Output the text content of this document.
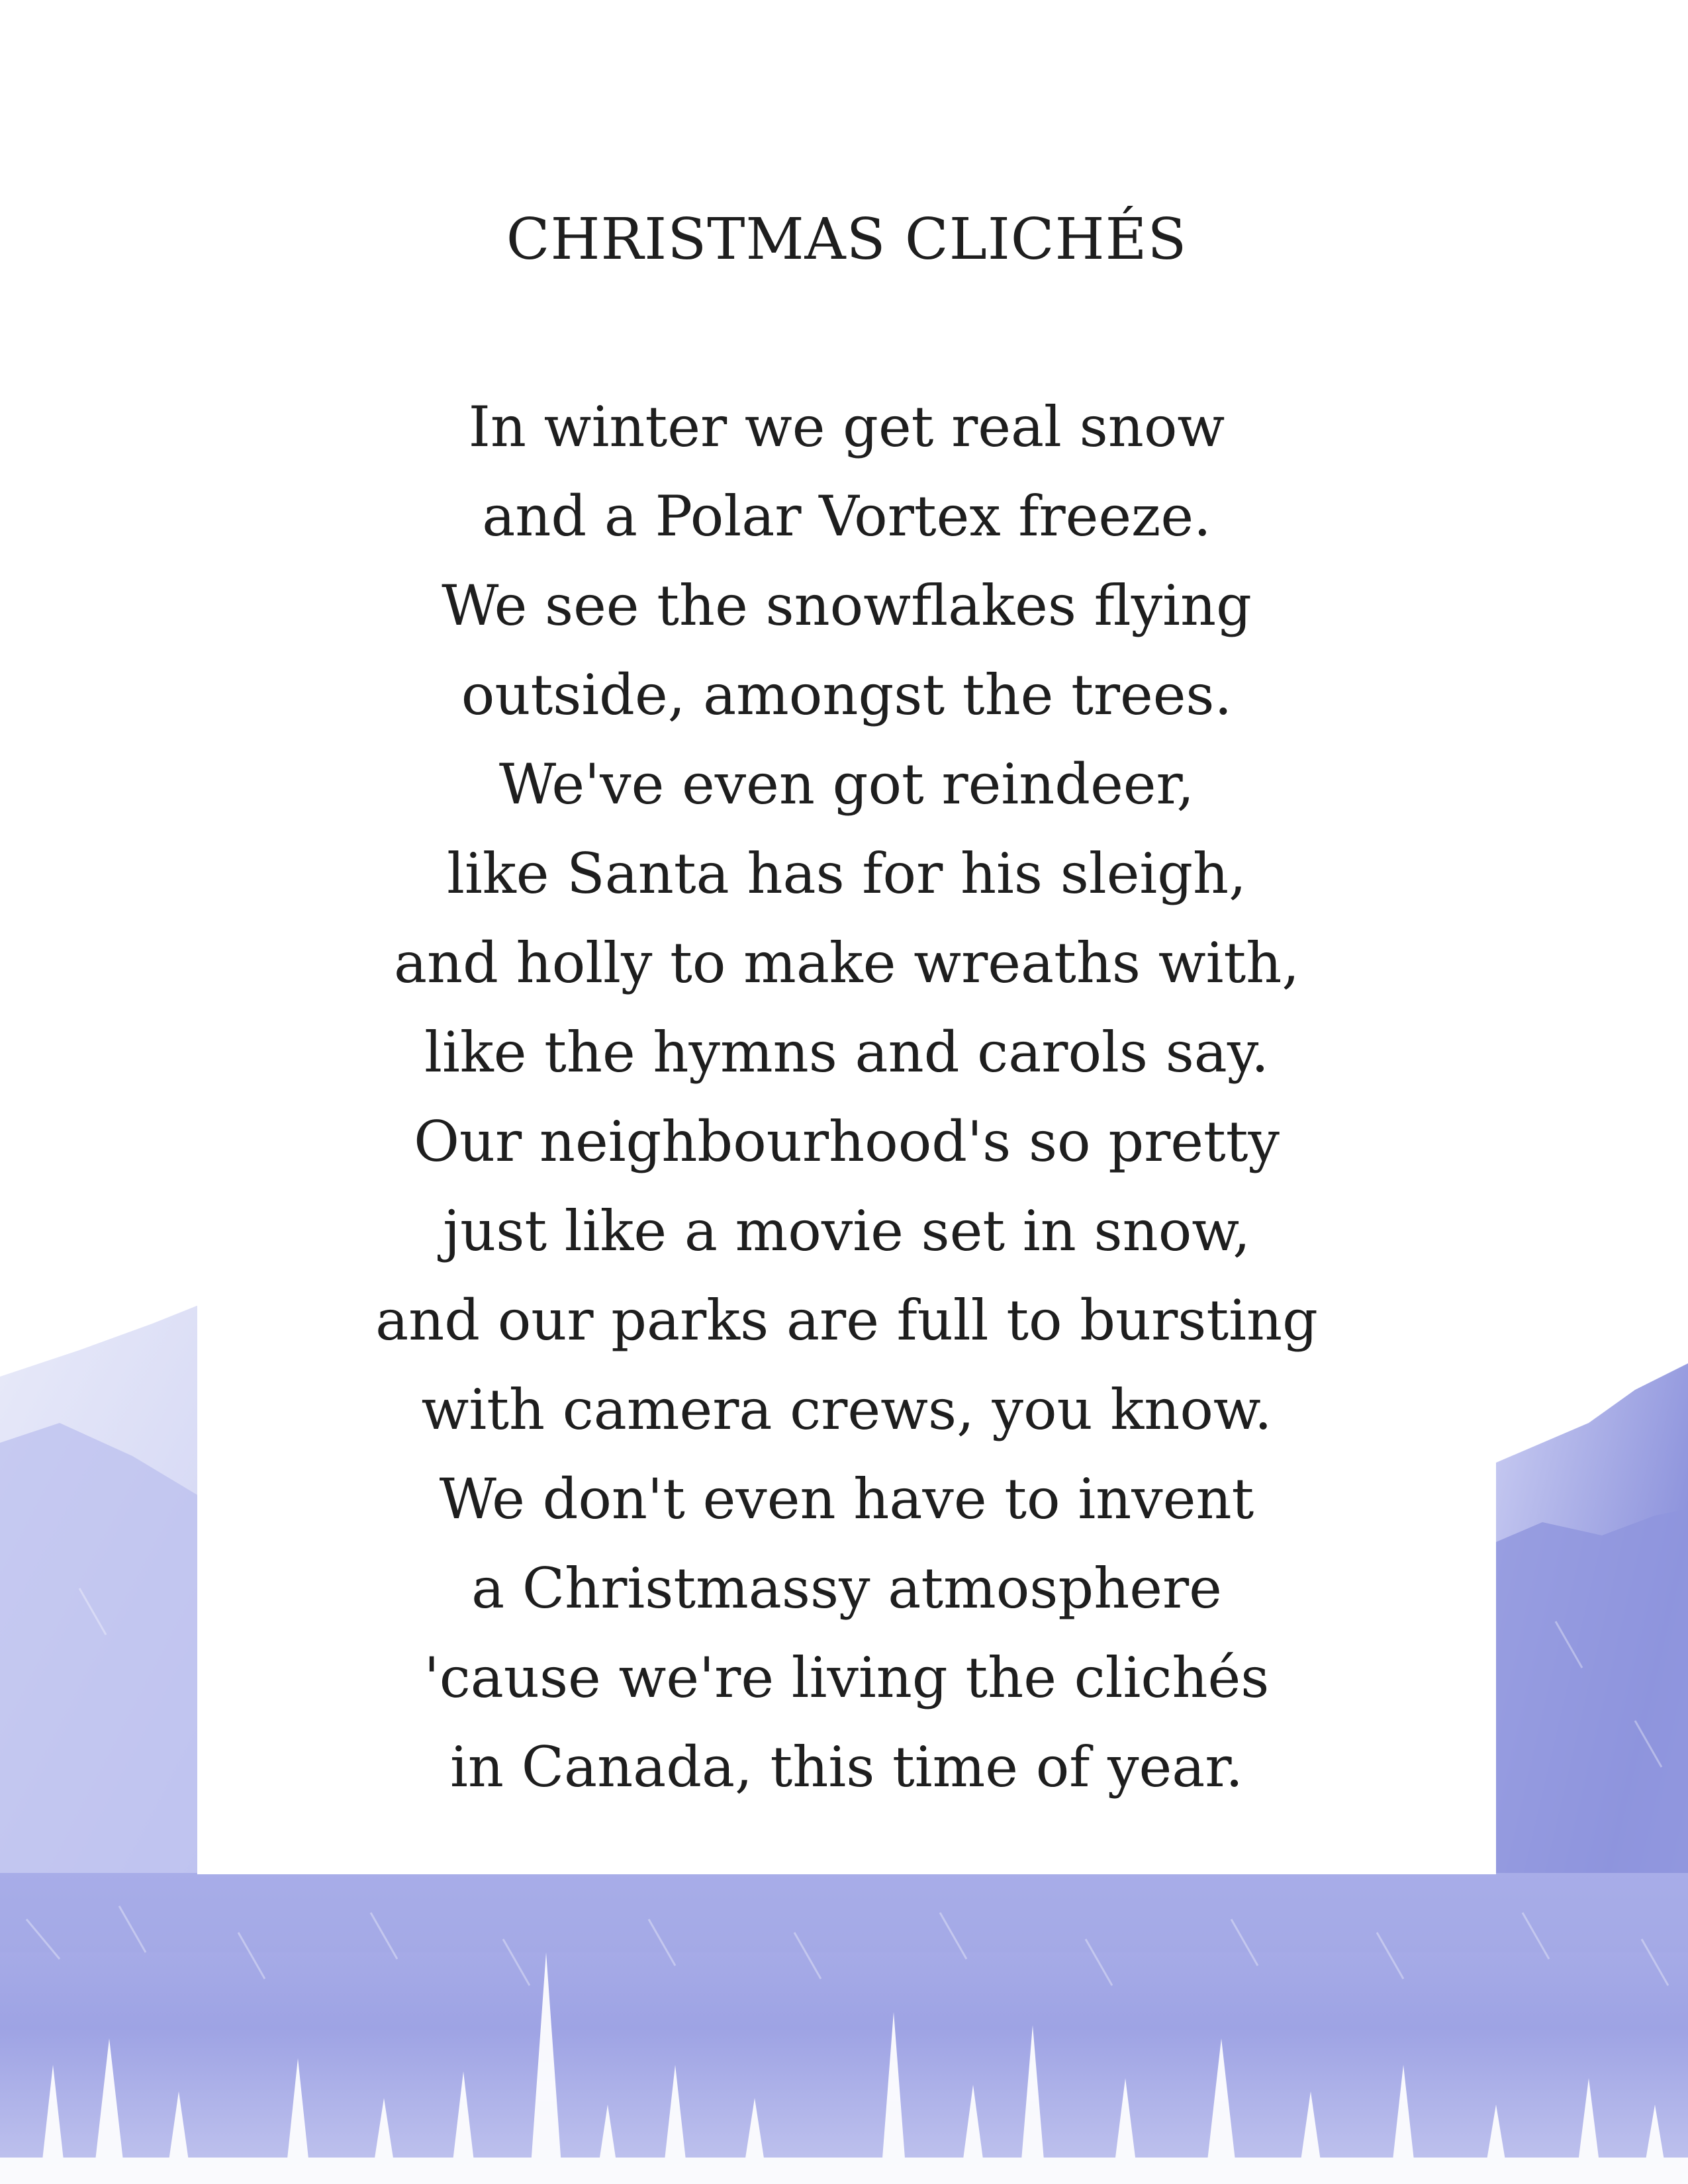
CHRISTMAS CLICHÉS
In winter we get real snow
and a Polar Vortex freeze.
We see the snowflakes flying
outside, amongst the trees.
We've even got reindeer,
like Santa has for his sleigh,
and holly to make wreaths with,
like the hymns and carols say.
Our neighbourhood's so pretty
just like a movie set in snow,
and our parks are full to bursting
with camera crews, you know.
We don't even have to invent
a Christmassy atmosphere
'cause we're living the clichés
in Canada, this time of year.
